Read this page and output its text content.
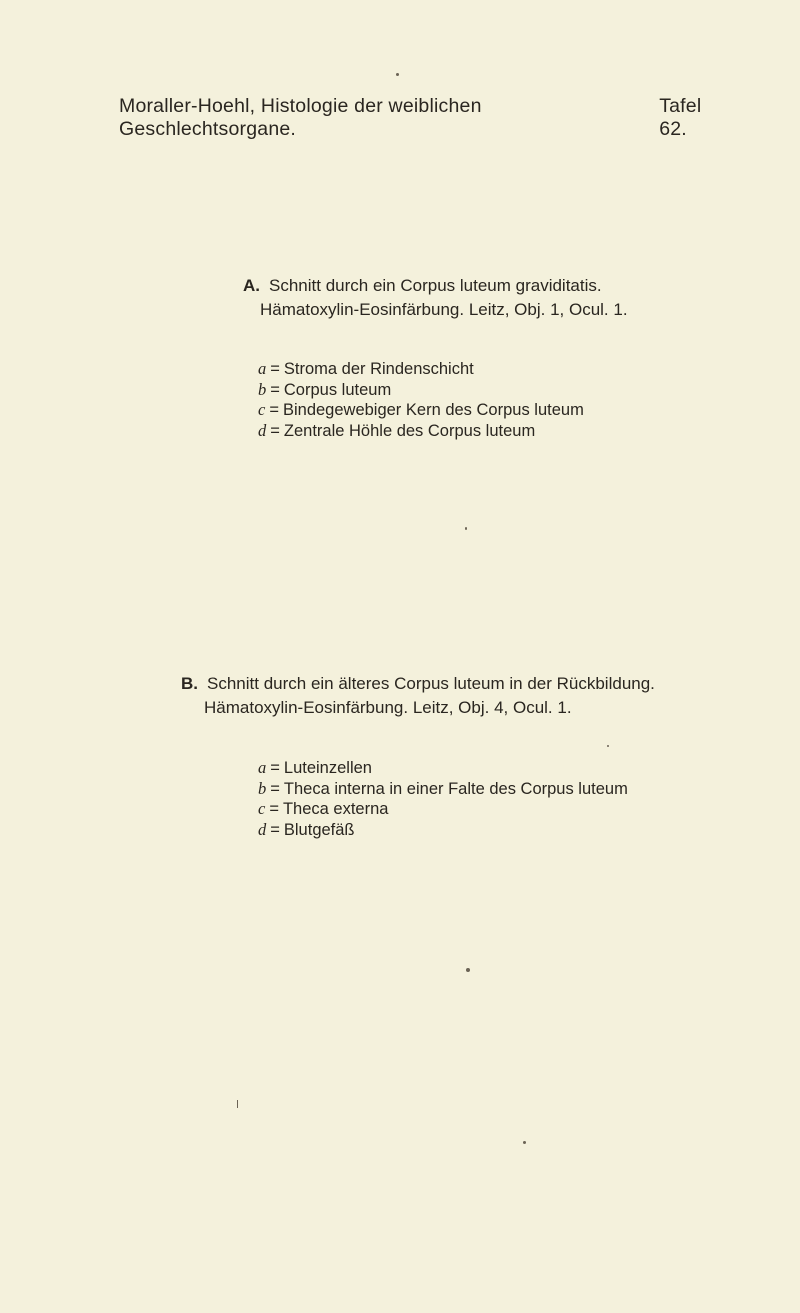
Moraller-Hoehl, Histologie der weiblichen Geschlechtsorgane.
Tafel 62.
A. Schnitt durch ein Corpus luteum graviditatis.
Hämatoxylin-Eosinfärbung. Leitz, Obj. 1, Ocul. 1.
a = Stroma der Rindenschicht
b = Corpus luteum
c = Bindegewebiger Kern des Corpus luteum
d = Zentrale Höhle des Corpus luteum
B. Schnitt durch ein älteres Corpus luteum in der Rückbildung.
Hämatoxylin-Eosinfärbung. Leitz, Obj. 4, Ocul. 1.
a = Luteinzellen
b = Theca interna in einer Falte des Corpus luteum
c = Theca externa
d = Blutgefäß
